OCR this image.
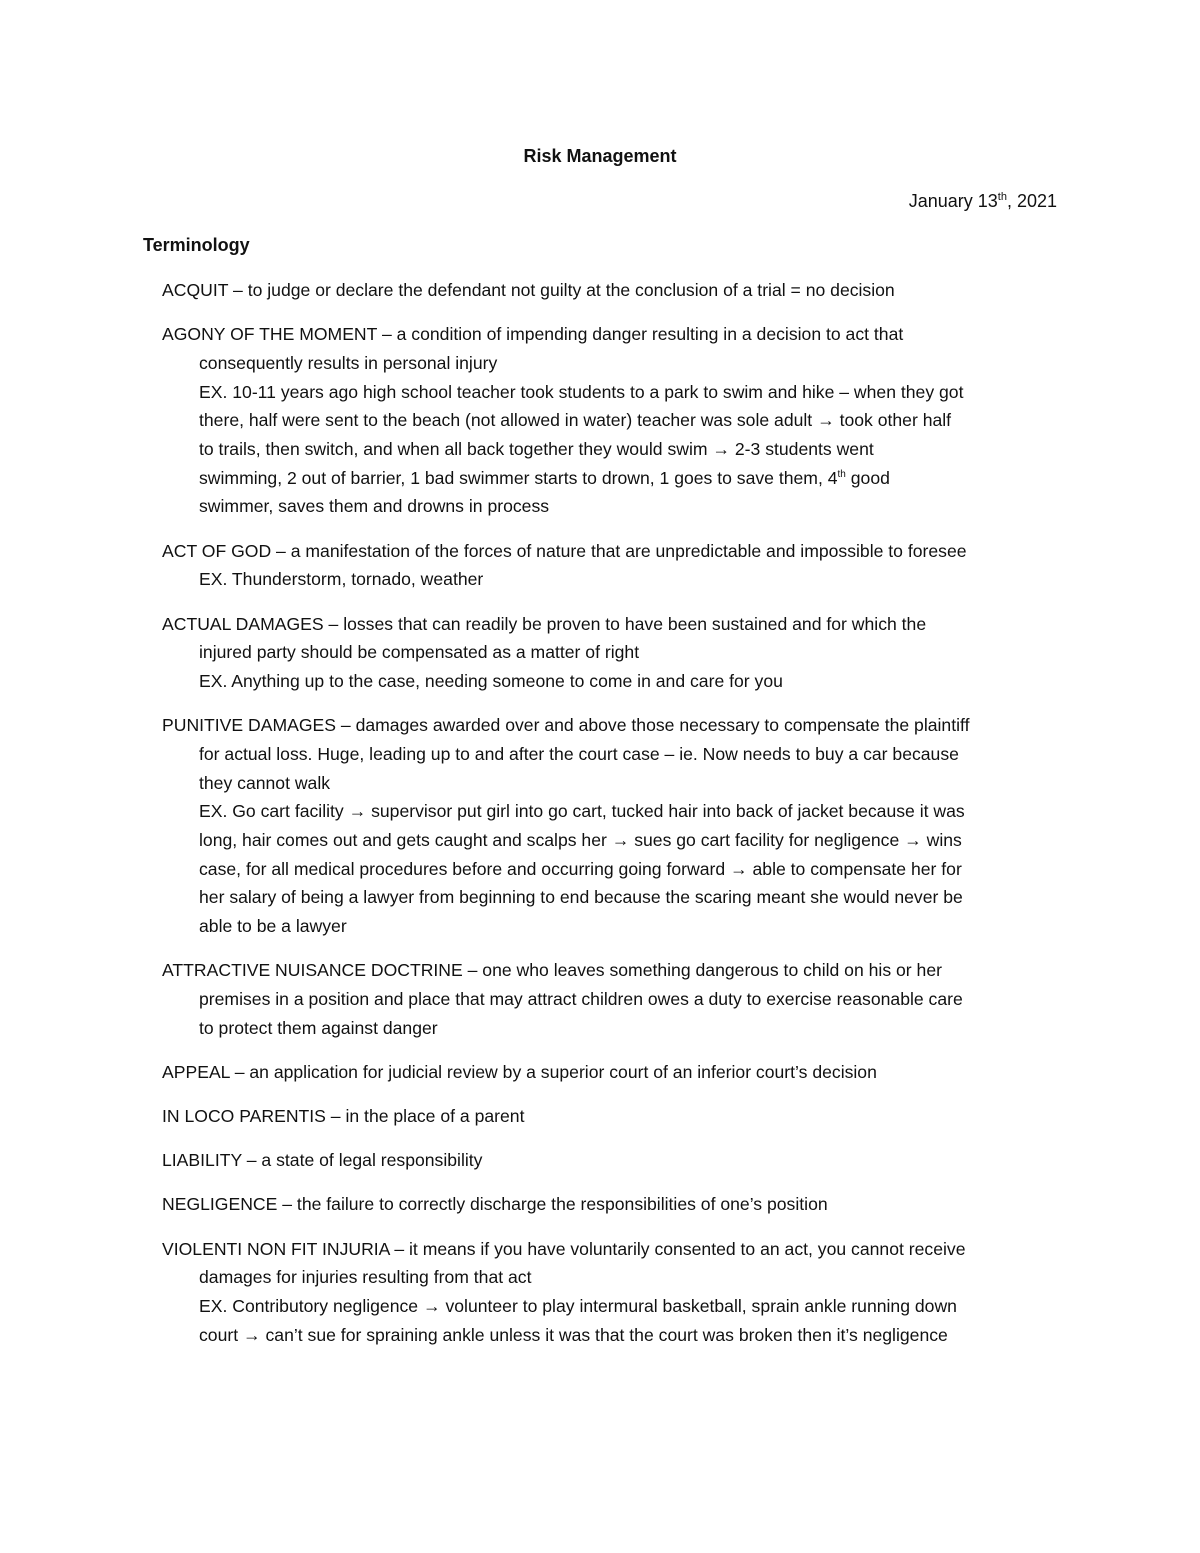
Risk Management
January 13th, 2021
Terminology
ACQUIT – to judge or declare the defendant not guilty at the conclusion of a trial = no decision
AGONY OF THE MOMENT – a condition of impending danger resulting in a decision to act that

consequently results in personal injury

EX. 10-11 years ago high school teacher took students to a park to swim and hike – when they got

there, half were sent to the beach (not allowed in water) teacher was sole adult → took other half

to trails, then switch, and when all back together they would swim → 2-3 students went

swimming, 2 out of barrier, 1 bad swimmer starts to drown, 1 goes to save them, 4th good

swimmer, saves them and drowns in process

ACT OF GOD – a manifestation of the forces of nature that are unpredictable and impossible to foresee

EX. Thunderstorm, tornado, weather

ACTUAL DAMAGES – losses that can readily be proven to have been sustained and for which the

injured party should be compensated as a matter of right

EX. Anything up to the case, needing someone to come in and care for you

PUNITIVE DAMAGES – damages awarded over and above those necessary to compensate the plaintiff

for actual loss. Huge, leading up to and after the court case – ie. Now needs to buy a car because

they cannot walk

EX. Go cart facility → supervisor put girl into go cart, tucked hair into back of jacket because it was

long, hair comes out and gets caught and scalps her → sues go cart facility for negligence → wins

case, for all medical procedures before and occurring going forward → able to compensate her for

her salary of being a lawyer from beginning to end because the scaring meant she would never be

able to be a lawyer

ATTRACTIVE NUISANCE DOCTRINE – one who leaves something dangerous to child on his or her

premises in a position and place that may attract children owes a duty to exercise reasonable care

to protect them against danger

APPEAL – an application for judicial review by a superior court of an inferior court’s decision
IN LOCO PARENTIS – in the place of a parent
LIABILITY – a state of legal responsibility
NEGLIGENCE – the failure to correctly discharge the responsibilities of one’s position
VIOLENTI NON FIT INJURIA – it means if you have voluntarily consented to an act, you cannot receive

damages for injuries resulting from that act

EX. Contributory negligence → volunteer to play intermural basketball, sprain ankle running down

court → can’t sue for spraining ankle unless it was that the court was broken then it’s negligence
